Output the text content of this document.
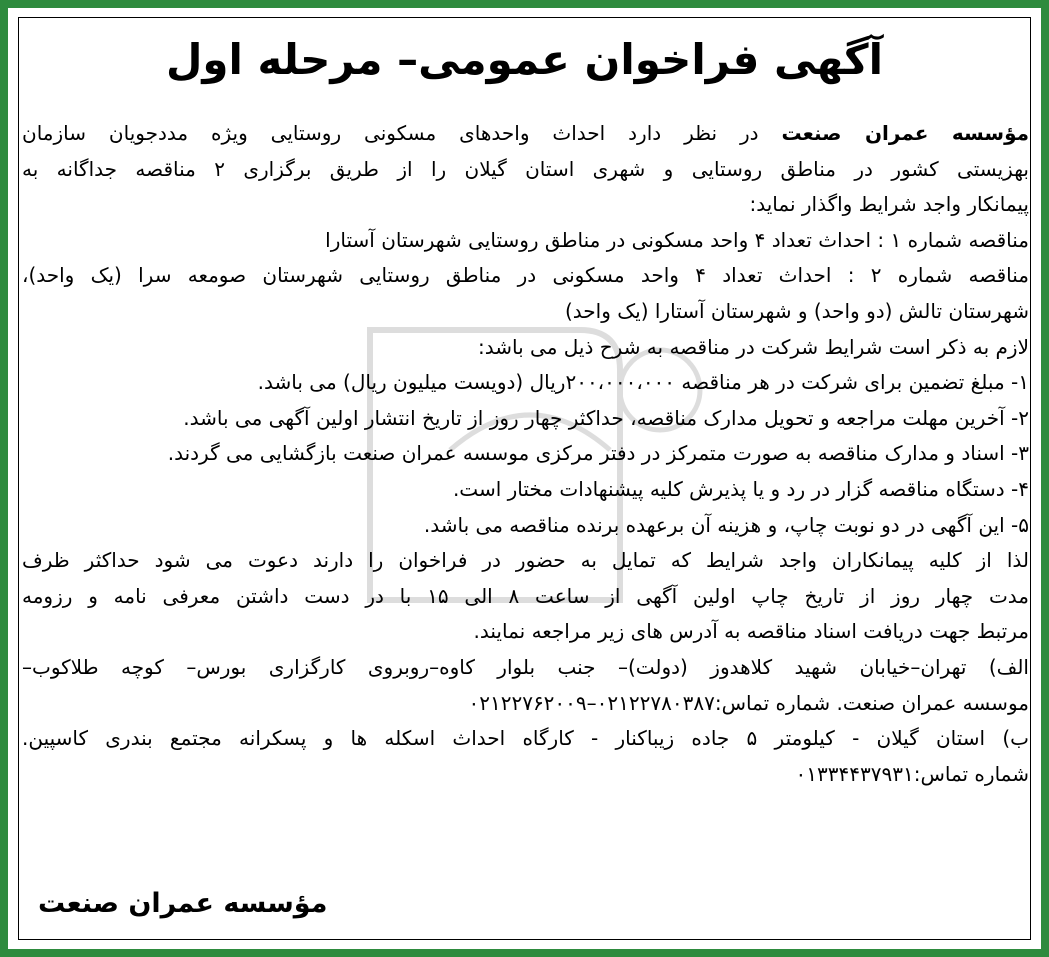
آگهی فراخوان عمومی– مرحله اول
مؤسسه عمران صنعت در نظر دارد احداث واحدهای مسکونی روستایی ویژه مددجویان سازمان
بهزیستی کشور در مناطق روستایی و شهری استان گیلان را از طریق برگزاری ۲ مناقصه جداگانه به
پیمانکار واجد شرایط واگذار نماید:
مناقصه شماره ۱ : احداث تعداد ۴ واحد مسکونی در مناطق روستایی شهرستان آستارا
مناقصه شماره ۲ : احداث تعداد ۴ واحد مسکونی در مناطق روستایی شهرستان صومعه سرا (یک واحد)،
شهرستان تالش (دو واحد) و شهرستان آستارا (یک واحد)
لازم به ذکر است شرایط شرکت در مناقصه به شرح ذیل می باشد:
۱- مبلغ تضمین برای شرکت در هر مناقصه ۲۰۰،۰۰۰،۰۰۰ریال (دویست میلیون ریال) می باشد.
۲- آخرین مهلت مراجعه و تحویل مدارک مناقصه، حداکثر چهار روز از تاریخ انتشار اولین آگهی می باشد.
۳- اسناد و مدارک مناقصه به صورت متمرکز در دفتر مرکزی موسسه عمران صنعت بازگشایی می گردند.
۴- دستگاه مناقصه گزار در رد و یا پذیرش کلیه پیشنهادات مختار است.
۵- این آگهی در دو نوبت چاپ، و هزینه آن برعهده برنده مناقصه می باشد.
لذا از کلیه پیمانکاران واجد شرایط که تمایل به حضور در فراخوان را دارند دعوت می شود حداکثر ظرف
مدت چهار روز از تاریخ چاپ اولین آگهی از ساعت ۸ الی ۱۵ با در دست داشتن معرفی نامه و رزومه
مرتبط جهت دریافت اسناد مناقصه به آدرس های زیر مراجعه نمایند.
الف) تهران–خیابان شهید کلاهدوز (دولت)– جنب بلوار کاوه–روبروی کارگزاری بورس– کوچه طلاکوب–
موسسه عمران صنعت. شماره تماس:۰۲۱۲۲۷۸۰۳۸۷–۰۲۱۲۲۷۶۲۰۰۹
ب) استان گیلان - کیلومتر ۵ جاده زیباکنار - کارگاه احداث اسکله ها و پسکرانه مجتمع بندری کاسپین.
شماره تماس:۰۱۳۳۴۴۳۷۹۳۱
مؤسسه عمران صنعت
